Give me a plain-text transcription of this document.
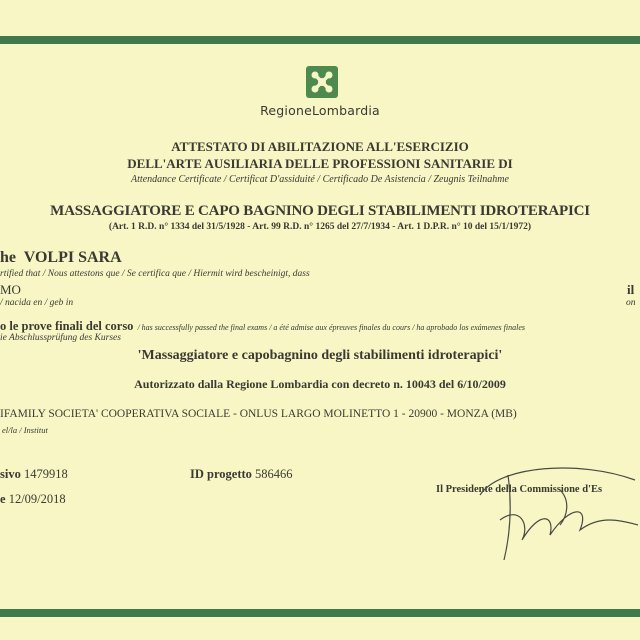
RegioneLombardia
ATTESTATO DI ABILITAZIONE ALL'ESERCIZIO
DELL'ARTE AUSILIARIA DELLE PROFESSIONI SANITARIE DI
Attendance Certificate / Certificat D'assiduité / Certificado De Asistencia / Zeugnis Teilnahme
MASSAGGIATORE E CAPO BAGNINO DEGLI STABILIMENTI IDROTERAPICI
(Art. 1 R.D. n° 1334 del 31/5/1928 - Art. 99 R.D. n° 1265 del 27/7/1934 - Art. 1 D.P.R. n° 10 del 15/1/1972)
he VOLPI SARA
rtified that / Nous attestons que / Se certifica que / Hiermit wird bescheinigt, dass
MO
/ nacida en / geb in
il
on
o le prove finali del corso / has successfully passed the final exams / a été admise aux épreuves finales du cours / ha aprobado los exámenes finales
ie Abschlussprüfung des Kurses
'Massaggiatore e capobagnino degli stabilimenti idroterapici'
Autorizzato dalla Regione Lombardia con decreto n. 10043 del 6/10/2009
IFAMILY SOCIETA' COOPERATIVA SOCIALE - ONLUS LARGO MOLINETTO 1 - 20900 - MONZA (MB)
el/la / Institut
sivo 1479918	ID progetto 586466
e 12/09/2018
Il Presidente della Commissione d'Es
